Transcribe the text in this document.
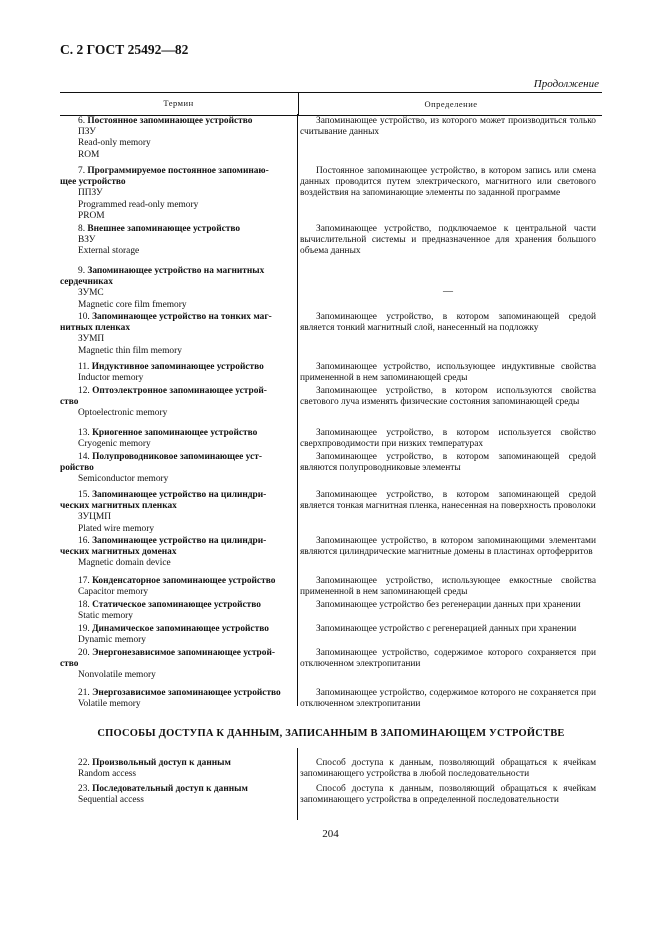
С. 2 ГОСТ 25492—82
Продолжение
Термин	Определение
6. Постоянное запоминающее устройство
ПЗУ
Read-only memory
ROM
Запоминающее устройство, из которого может производиться только считывание данных
7. Программируемое постоянное запоминаю-
щее устройство
ППЗУ
Programmed read-only memory
PROM
Постоянное запоминающее устройство, в котором запись или смена данных проводится путем электрического, магнитного или светового воздействия на запоминающие элементы по заданной программе
8. Внешнее запоминающее устройство
ВЗУ
External storage
Запоминающее устройство, подключаемое к центральной части вычислительной системы и предназначенное для хранения большого объема данных
9. Запоминающее устройство на магнитных
сердечниках
ЗУМС
Magnetic core film fmemory
—
10. Запоминающее устройство на тонких маг-
нитных пленках
ЗУМП
Magnetic thin film memory
Запоминающее устройство, в котором запоминающей средой является тонкий магнитный слой, нанесенный на подложку
11. Индуктивное запоминающее устройство
Inductor memory
Запоминающее устройство, использующее индуктивные свойства примененной в нем запоминающей среды
12. Оптоэлектронное запоминающее устрой-
ство
Optoelectronic memory
Запоминающее устройство, в котором используются свойства светового луча изменять физические состояния запоминающей среды
13. Криогенное запоминающее устройство
Cryogenic memory
Запоминающее устройство, в котором используется свойство сверхпроводимости при низких температурах
14. Полупроводниковое запоминающее уст-
ройство
Semiconductor memory
Запоминающее устройство, в котором запоминающей средой являются полупроводниковые элементы
15. Запоминающее устройство на цилиндри-
ческих магнитных пленках
ЗУЦМП
Plated wire memory
Запоминающее устройство, в котором запоминающей средой является тонкая магнитная пленка, нанесенная на поверхность проволоки
16. Запоминающее устройство на цилиндри-
ческих магнитных доменах
Magnetic domain device
Запоминающее устройство, в котором запоминающими элементами являются цилиндрические магнитные домены в пластинах ортоферритов
17. Конденсаторное запоминающее устройство
Capacitor memory
Запоминающее устройство, использующее емкостные свойства примененной в нем запоминающей среды
18. Статическое запоминающее устройство
Static memory
Запоминающее устройство без регенерации данных при хранении
19. Динамическое запоминающее устройство
Dynamic memory
Запоминающее устройство с регенерацией данных при хранении
20. Энергонезависимое запоминающее устрой-
ство
Nonvolatile memory
Запоминающее устройство, содержимое которого сохраняется при отключенном электропитании
21. Энергозависимое запоминающее устройство
Volatile memory
Запоминающее устройство, содержимое которого не сохраняется при отключенном электропитании
СПОСОБЫ ДОСТУПА К ДАННЫМ, ЗАПИСАННЫМ В ЗАПОМИНАЮЩЕМ УСТРОЙСТВЕ
22. Произвольный доступ к данным
Random access
Способ доступа к данным, позволяющий обращаться к ячейкам запоминающего устройства в любой последовательности
23. Последовательный доступ к данным
Sequential access
Способ доступа к данным, позволяющий обращаться к ячейкам запоминающего устройства в определенной последовательности
204
